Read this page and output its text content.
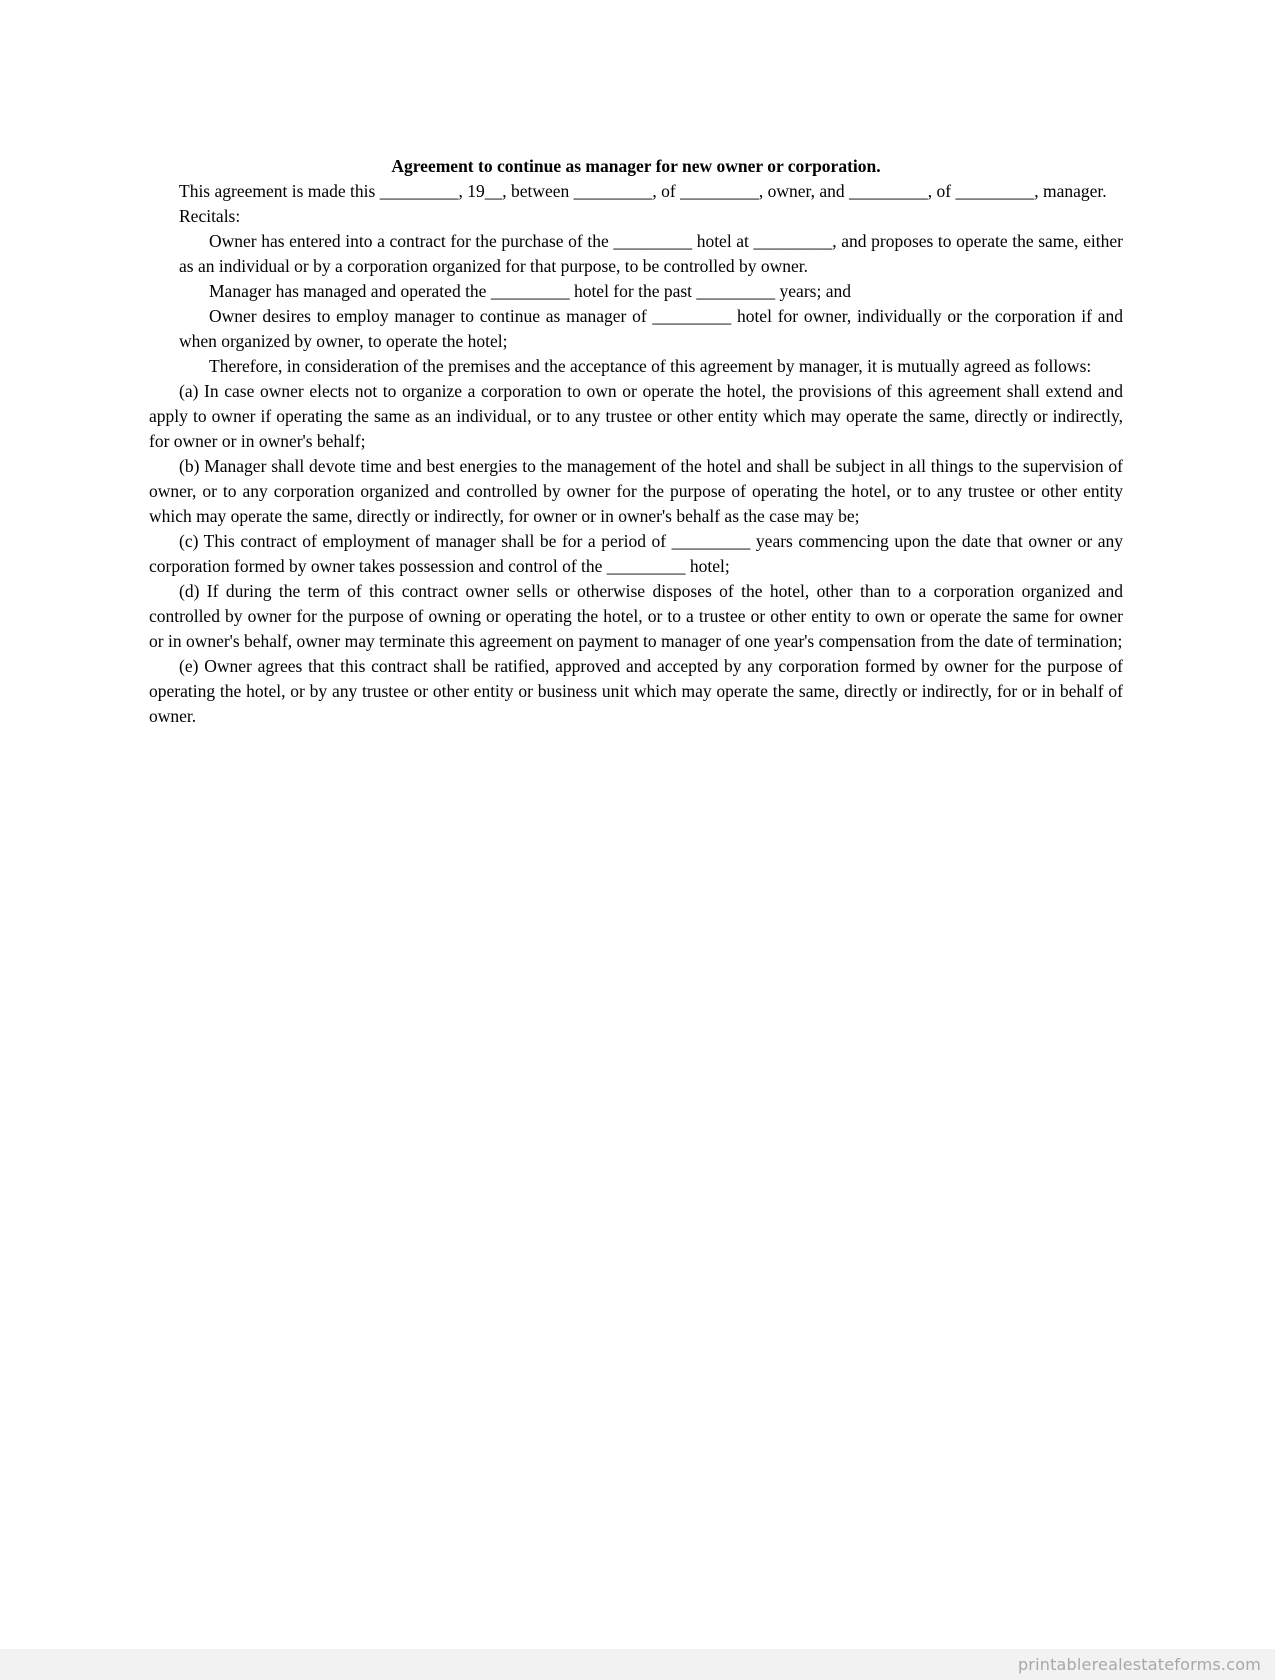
Agreement to continue as manager for new owner or corporation.

This agreement is made this _________, 19__, between _________, of _________, owner, and _________, of _________, manager.

Recitals:

Owner has entered into a contract for the purchase of the _________ hotel at _________, and proposes to operate the same, either as an individual or by a corporation organized for that purpose, to be controlled by owner.

Manager has managed and operated the _________ hotel for the past _________ years; and

Owner desires to employ manager to continue as manager of _________ hotel for owner, individually or the corporation if and when organized by owner, to operate the hotel;

Therefore, in consideration of the premises and the acceptance of this agreement by manager, it is mutually agreed as follows:

(a) In case owner elects not to organize a corporation to own or operate the hotel, the provisions of this agreement shall extend and apply to owner if operating the same as an individual, or to any trustee or other entity which may operate the same, directly or indirectly, for owner or in owner's behalf;

(b) Manager shall devote time and best energies to the management of the hotel and shall be subject in all things to the supervision of owner, or to any corporation organized and controlled by owner for the purpose of operating the hotel, or to any trustee or other entity which may operate the same, directly or indirectly, for owner or in owner's behalf as the case may be;

(c) This contract of employment of manager shall be for a period of _________ years commencing upon the date that owner or any corporation formed by owner takes possession and control of the _________ hotel;

(d) If during the term of this contract owner sells or otherwise disposes of the hotel, other than to a corporation organized and controlled by owner for the purpose of owning or operating the hotel, or to a trustee or other entity to own or operate the same for owner or in owner's behalf, owner may terminate this agreement on payment to manager of one year's compensation from the date of termination;

(e) Owner agrees that this contract shall be ratified, approved and accepted by any corporation formed by owner for the purpose of operating the hotel, or by any trustee or other entity or business unit which may operate the same, directly or indirectly, for or in behalf of owner.

printablerealestateforms.com
